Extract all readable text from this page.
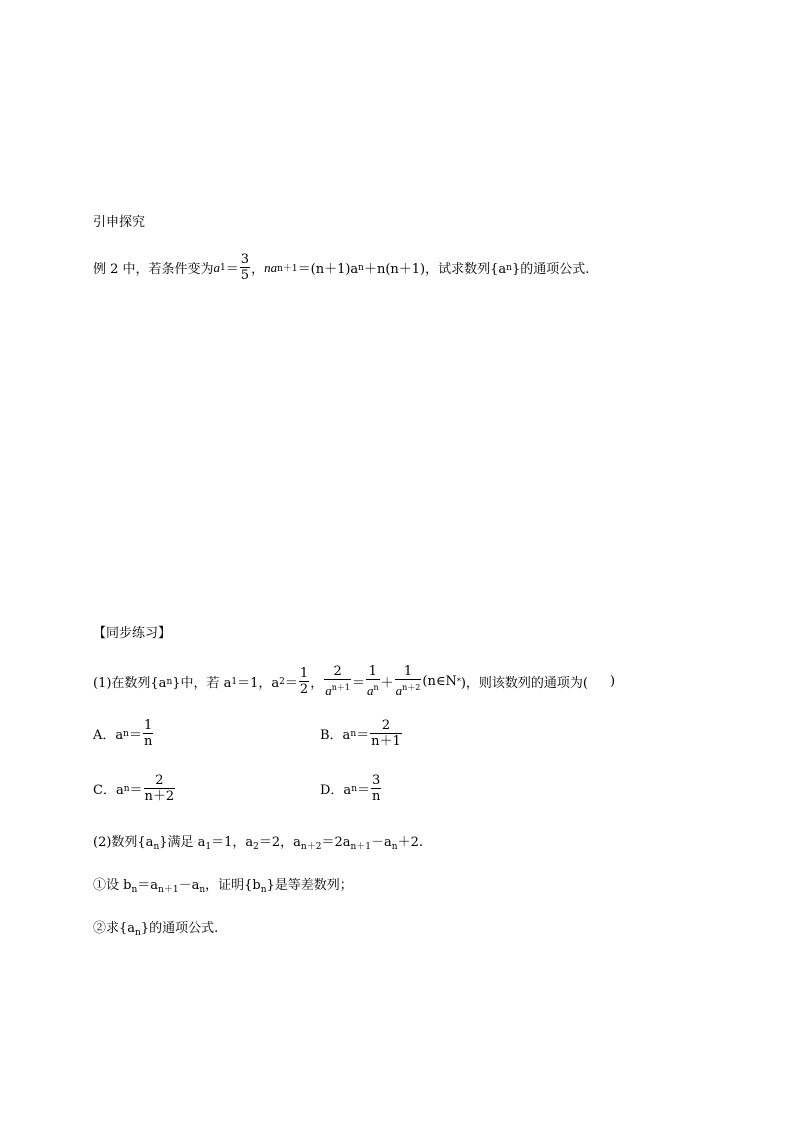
引申探究
例 2 中，若条件变为 a $1 = \frac{3}{5}$ ， n a n＋1 ＝(n＋1)a n ＋n(n＋1)，试求数列{a n }的通项公式.
【同步练习】
(1)在数列{a n }中，若 a 1 ＝1，a $2 = \frac{1}{2}$ ， $\frac{2}{a^{n+1}} = \frac{1}{a^n} + \frac{1}{a^{n+2}}$ (n∈N * )，则该数列的通项为( )
A．a $n = \frac{1}{n}$	B．a $n = \frac{2}{n+1}$
C．a $n = \frac{2}{n+2}$	D．a $n = \frac{3}{n}$
(2)数列$\{a_n\}$满足 $a_1=1$，$a_2=2$，$a_{n+2}=2a_{n+1}-a_n+2$.
①设 $b_n=a_{n+1}-a_n$，证明$\{b_n\}$是等差数列；
②求$\{a_n\}$的通项公式.
